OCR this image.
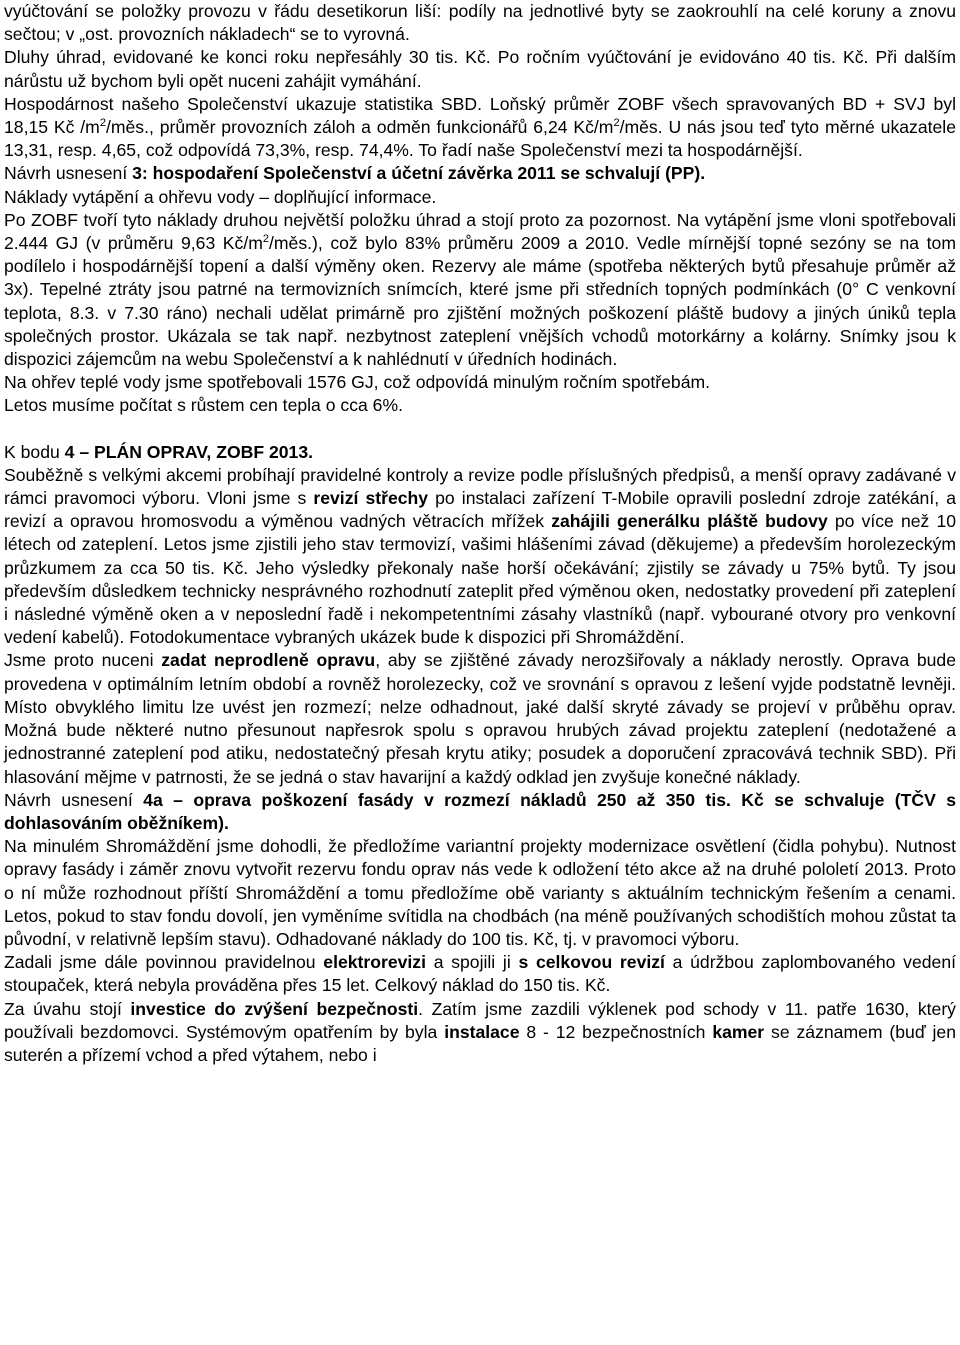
vyúčtování se položky provozu v řádu desetikorun liší: podíly na jednotlivé byty se zaokrouhlí na celé koruny a znovu sečtou; v „ost. provozních nákladech“ se to vyrovná.

Dluhy úhrad, evidované ke konci roku nepřesáhly 30 tis. Kč. Po ročním vyúčtování je evidováno 40 tis. Kč. Při dalším nárůstu už bychom byli opět nuceni zahájit vymáhání.

Hospodárnost našeho Společenství ukazuje statistika SBD. Loňský průměr ZOBF všech spravovaných BD + SVJ byl 18,15 Kč $/m^2$/měs., průměr provozních záloh a odměn funkcionářů 6,24 $Kč/m^2$/měs. U nás jsou teď tyto měrné ukazatele 13,31, resp. 4,65, což odpovídá 73,3%, resp. 74,4%. To řadí naše Společenství mezi ta hospodárnější.

Návrh usnesení 3: hospodaření Společenství a účetní závěrka 2011 se schvalují (PP).

Náklady vytápění a ohřevu vody – doplňující informace.

Po ZOBF tvoří tyto náklady druhou největší položku úhrad a stojí proto za pozornost. Na vytápění jsme vloni spotřebovali 2.444 GJ (v průměru 9,63 $Kč/m^2/měs$.), což bylo 83% průměru 2009 a 2010. Vedle mírnější topné sezóny se na tom podílelo i hospodárnější topení a další výměny oken. Rezervy ale máme (spotřeba některých bytů přesahuje průměr až 3x). Tepelné ztráty jsou patrné na termovizních snímcích, které jsme při středních topných podmínkách (0° C venkovní teplota, 8.3. v 7.30 ráno) nechali udělat primárně pro zjištění možných poškození pláště budovy a jiných úniků tepla společných prostor. Ukázala se tak např. nezbytnost zateplení vnějších vchodů motorkárny a kolárny. Snímky jsou k dispozici zájemcům na webu Společenství a k nahlédnutí v úředních hodinách.

Na ohřev teplé vody jsme spotřebovali 1576 GJ, což odpovídá minulým ročním spotřebám.

Letos musíme počítat s růstem cen tepla o cca 6%.

K bodu 4 – PLÁN OPRAV, ZOBF 2013.

Souběžně s velkými akcemi probíhají pravidelné kontroly a revize podle příslušných předpisů, a menší opravy zadávané v rámci pravomoci výboru. Vloni jsme s revizí střechy po instalaci zařízení T-Mobile opravili poslední zdroje zatékání, a revizí a opravou hromosvodu a výměnou vadných větracích mřížek zahájili generálku pláště budovy po více než 10 létech od zateplení. Letos jsme zjistili jeho stav termovizí, vašimi hlášeními závad (děkujeme) a především horolezeckým průzkumem za cca 50 tis. Kč. Jeho výsledky překonaly naše horší očekávání; zjistily se závady u 75% bytů. Ty jsou především důsledkem technicky nesprávného rozhodnutí zateplit před výměnou oken, nedostatky provedení při zateplení i následné výměně oken a v neposlední řadě i nekompetentními zásahy vlastníků (např. vybourané otvory pro venkovní vedení kabelů). Fotodokumentace vybraných ukázek bude k dispozici při Shromáždění.

Jsme proto nuceni zadat neprodleně opravu, aby se zjištěné závady nerozšiřovaly a náklady nerostly. Oprava bude provedena v optimálním letním období a rovněž horolezecky, což ve srovnání s opravou z lešení vyjde podstatně levněji. Místo obvyklého limitu lze uvést jen rozmezí; nelze odhadnout, jaké další skryté závady se projeví v průběhu oprav. Možná bude některé nutno přesunout napřesrok spolu s opravou hrubých závad projektu zateplení (nedotažené a jednostranné zateplení pod atiku, nedostatečný přesah krytu atiky; posudek a doporučení zpracovává technik SBD). Při hlasování mějme v patrnosti, že se jedná o stav havarijní a každý odklad jen zvyšuje konečné náklady.

Návrh usnesení 4a – oprava poškození fasády v rozmezí nákladů 250 až 350 tis. Kč se schvaluje (TČV s dohlasováním oběžníkem).

Na minulém Shromáždění jsme dohodli, že předložíme variantní projekty modernizace osvětlení (čidla pohybu). Nutnost opravy fasády i záměr znovu vytvořit rezervu fondu oprav nás vede k odložení této akce až na druhé pololetí 2013. Proto o ní může rozhodnout příští Shromáždění a tomu předložíme obě varianty s aktuálním technickým řešením a cenami. Letos, pokud to stav fondu dovolí, jen vyměníme svítidla na chodbách (na méně používaných schodištích mohou zůstat ta původní, v relativně lepším stavu). Odhadované náklady do 100 tis. Kč, tj. v pravomoci výboru.

Zadali jsme dále povinnou pravidelnou elektrorevizi a spojili ji s celkovou revizí a údržbou zaplombovaného vedení stoupaček, která nebyla prováděna přes 15 let. Celkový náklad do 150 tis. Kč.

Za úvahu stojí investice do zvýšení bezpečnosti. Zatím jsme zazdili výklenek pod schody v 11. patře 1630, který používali bezdomovci. Systémovým opatřením by byla instalace 8 - 12 bezpečnostních kamer se záznamem (buď jen suterén a přízemí vchod a před výtahem, nebo i
